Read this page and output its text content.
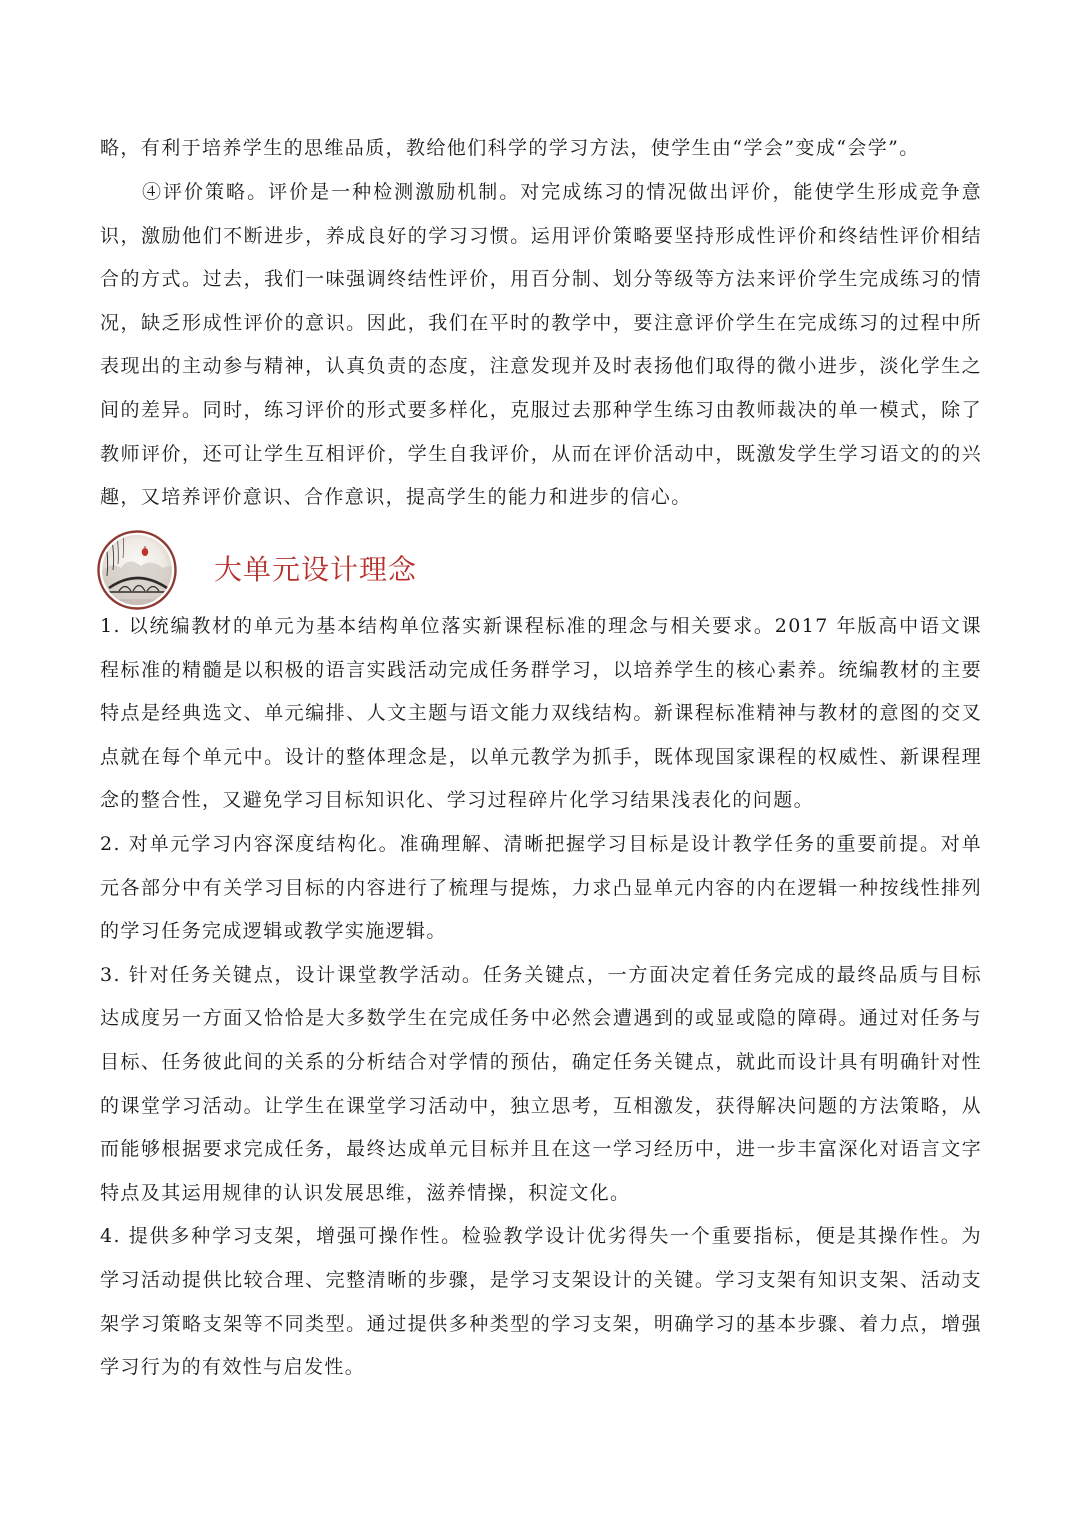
略，有利于培养学生的思维品质，教给他们科学的学习方法，使学生由“学会”变成“会学”。

④评价策略。评价是一种检测激励机制。对完成练习的情况做出评价，能使学生形成竞争意识，激励他们不断进步，养成良好的学习习惯。运用评价策略要坚持形成性评价和终结性评价相结合的方式。过去，我们一味强调终结性评价，用百分制、划分等级等方法来评价学生完成练习的情况，缺乏形成性评价的意识。因此，我们在平时的教学中，要注意评价学生在完成练习的过程中所表现出的主动参与精神，认真负责的态度，注意发现并及时表扬他们取得的微小进步，淡化学生之间的差异。同时，练习评价的形式要多样化，克服过去那种学生练习由教师裁决的单一模式，除了教师评价，还可让学生互相评价，学生自我评价，从而在评价活动中，既激发学生学习语文的的兴趣，又培养评价意识、合作意识，提高学生的能力和进步的信心。

大单元设计理念

1. 以统编教材的单元为基本结构单位落实新课程标准的理念与相关要求。2017 年版高中语文课程标准的精髓是以积极的语言实践活动完成任务群学习，以培养学生的核心素养。统编教材的主要特点是经典选文、单元编排、人文主题与语文能力双线结构。新课程标准精神与教材的意图的交叉点就在每个单元中。设计的整体理念是，以单元教学为抓手，既体现国家课程的权威性、新课程理念的整合性，又避免学习目标知识化、学习过程碎片化学习结果浅表化的问题。

2. 对单元学习内容深度结构化。准确理解、清晰把握学习目标是设计教学任务的重要前提。对单元各部分中有关学习目标的内容进行了梳理与提炼，力求凸显单元内容的内在逻辑一种按线性排列的学习任务完成逻辑或教学实施逻辑。

3. 针对任务关键点，设计课堂教学活动。任务关键点，一方面决定着任务完成的最终品质与目标达成度另一方面又恰恰是大多数学生在完成任务中必然会遭遇到的或显或隐的障碍。通过对任务与目标、任务彼此间的关系的分析结合对学情的预估，确定任务关键点，就此而设计具有明确针对性的课堂学习活动。让学生在课堂学习活动中，独立思考，互相激发，获得解决问题的方法策略，从而能够根据要求完成任务，最终达成单元目标并且在这一学习经历中，进一步丰富深化对语言文字特点及其运用规律的认识发展思维，滋养情操，积淀文化。

4. 提供多种学习支架，增强可操作性。检验教学设计优劣得失一个重要指标，便是其操作性。为学习活动提供比较合理、完整清晰的步骤，是学习支架设计的关键。学习支架有知识支架、活动支架学习策略支架等不同类型。通过提供多种类型的学习支架，明确学习的基本步骤、着力点，增强学习行为的有效性与启发性。
